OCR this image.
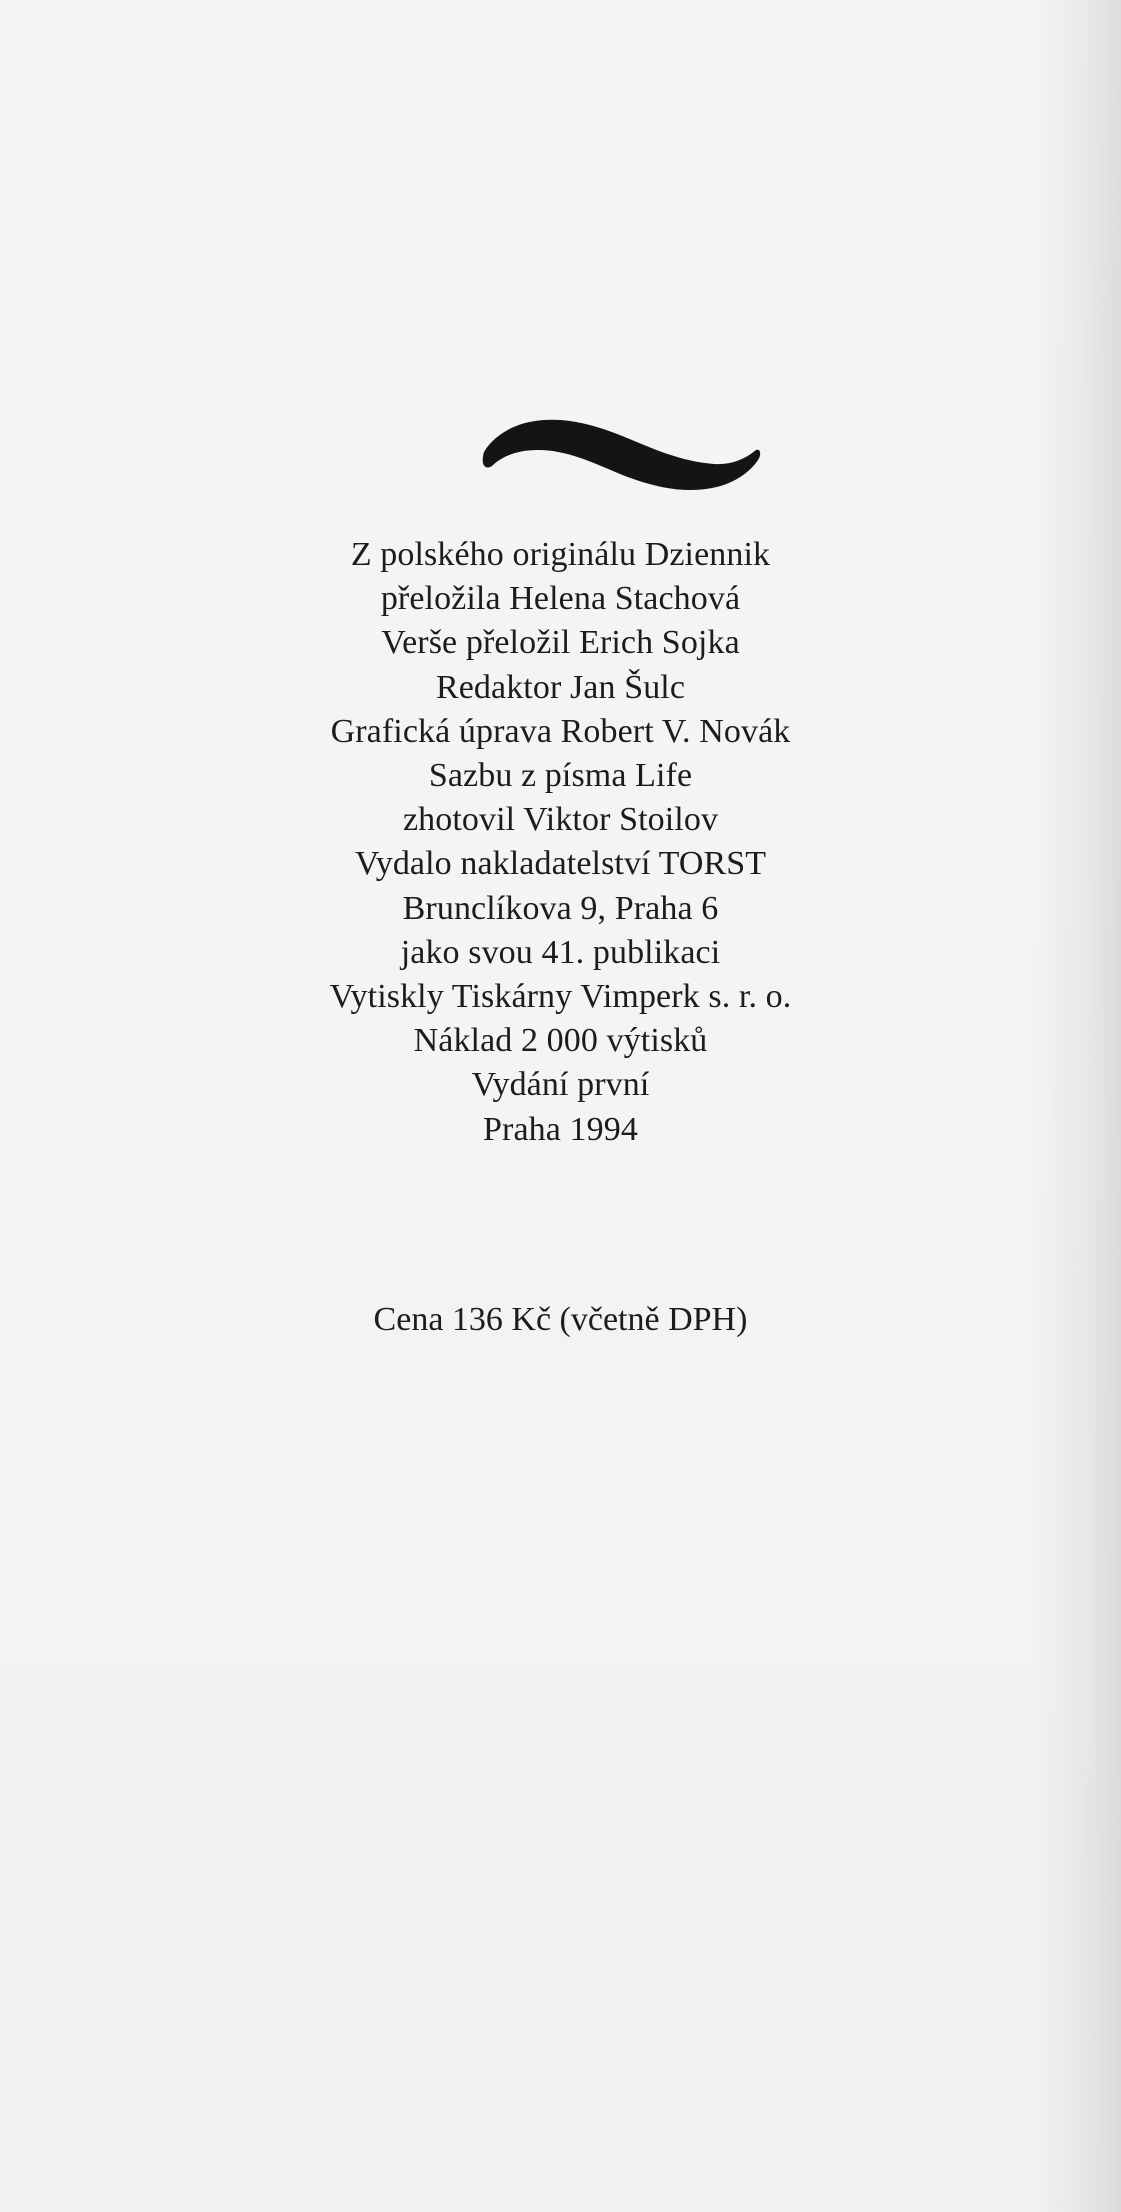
Z polského originálu Dziennik
přeložila Helena Stachová
Verše přeložil Erich Sojka
Redaktor Jan Šulc
Grafická úprava Robert V. Novák
Sazbu z písma Life
zhotovil Viktor Stoilov
Vydalo nakladatelství TORST
Brunclíkova 9, Praha 6
jako svou 41. publikaci
Vytiskly Tiskárny Vimperk s. r. o.
Náklad 2 000 výtisků
Vydání první
Praha 1994
Cena 136 Kč (včetně DPH)
